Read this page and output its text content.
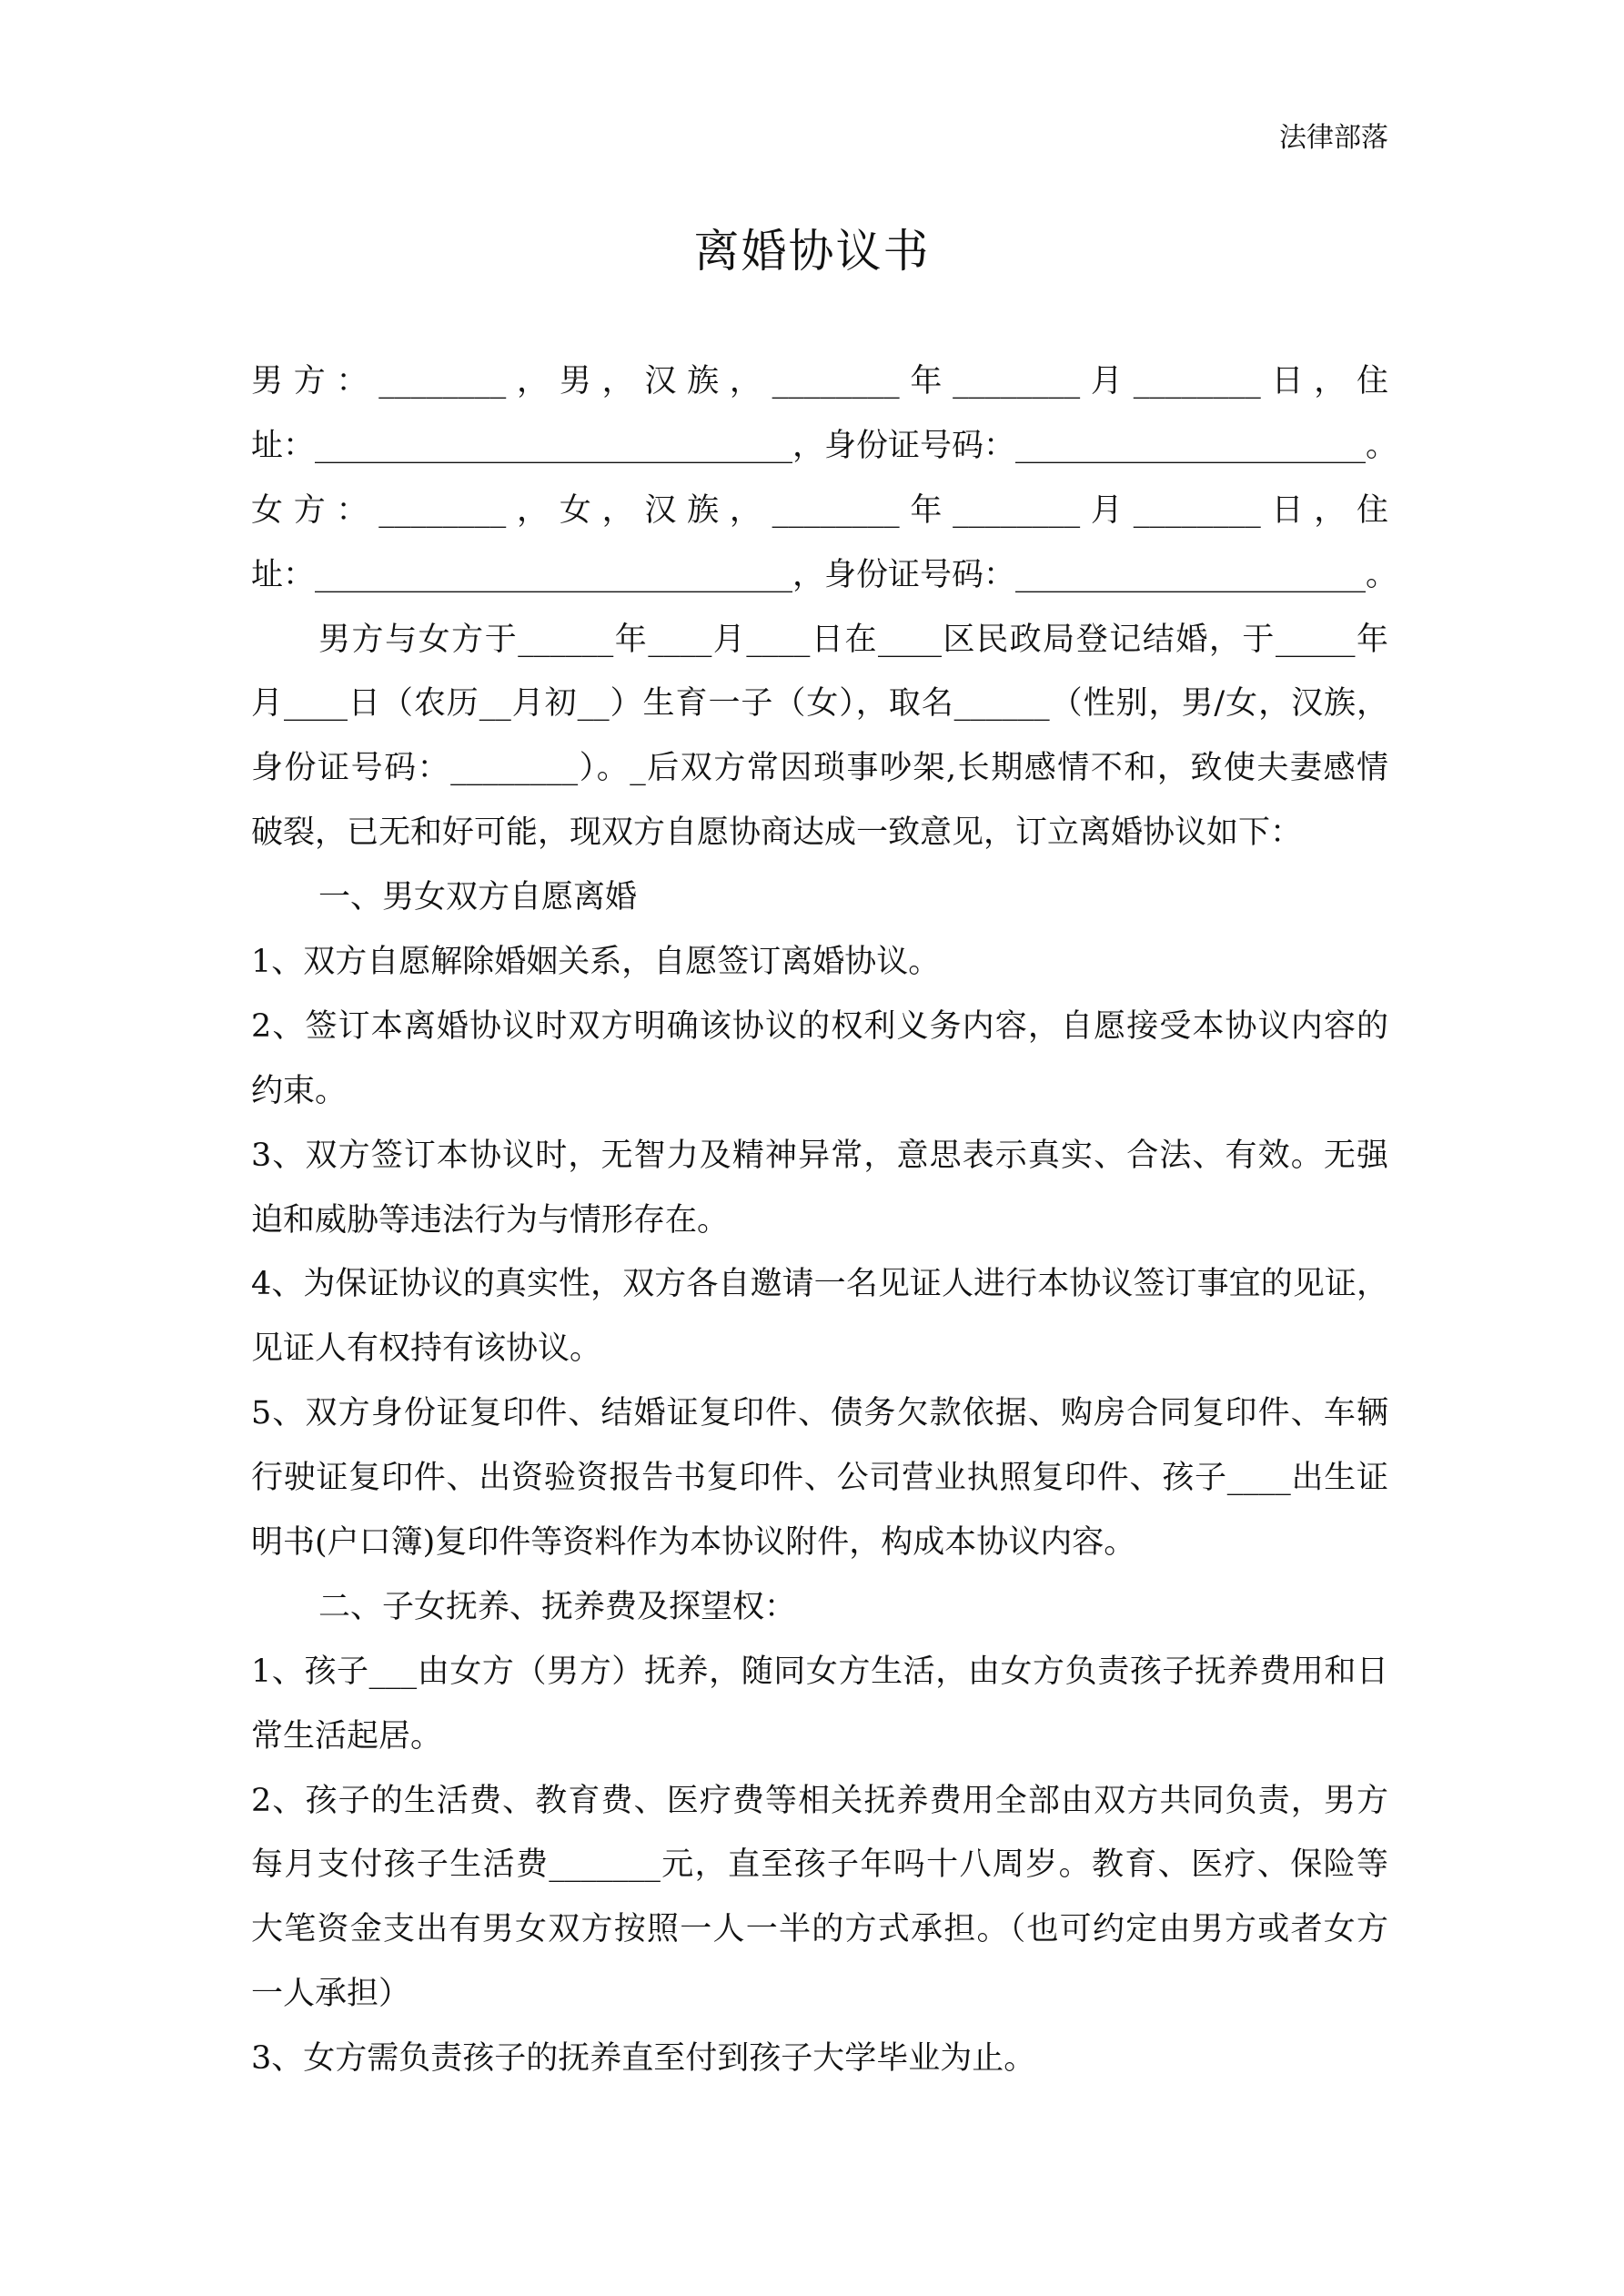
法律部落
离婚协议书
男方：________，男，汉族，________年________月________日，住
址：______________________________，身份证号码：______________________。
女方：________，女，汉族，________年________月________日，住
址：______________________________，身份证号码：______________________。
男方与女方于______年____月____日在____区民政局登记结婚，于_____年
月____日（农历__月初__）生育一子（女），取名______（性别，男/女，汉族，
身份证号码：________）。_后双方常因琐事吵架,长期感情不和，致使夫妻感情
破裂，已无和好可能，现双方自愿协商达成一致意见，订立离婚协议如下：
一、男女双方自愿离婚
1、双方自愿解除婚姻关系，自愿签订离婚协议。
2、签订本离婚协议时双方明确该协议的权利义务内容，自愿接受本协议内容的
约束。
3、双方签订本协议时，无智力及精神异常，意思表示真实、合法、有效。无强
迫和威胁等违法行为与情形存在。
4、为保证协议的真实性，双方各自邀请一名见证人进行本协议签订事宜的见证，
见证人有权持有该协议。
5、双方身份证复印件、结婚证复印件、债务欠款依据、购房合同复印件、车辆
行驶证复印件、出资验资报告书复印件、公司营业执照复印件、孩子____出生证
明书(户口簿)复印件等资料作为本协议附件，构成本协议内容。
二、子女抚养、抚养费及探望权：
1、孩子___由女方（男方）抚养，随同女方生活，由女方负责孩子抚养费用和日
常生活起居。
2、孩子的生活费、教育费、医疗费等相关抚养费用全部由双方共同负责，男方
每月支付孩子生活费_______元，直至孩子年吗十八周岁。教育、医疗、保险等
大笔资金支出有男女双方按照一人一半的方式承担。（也可约定由男方或者女方
一人承担）
3、女方需负责孩子的抚养直至付到孩子大学毕业为止。
